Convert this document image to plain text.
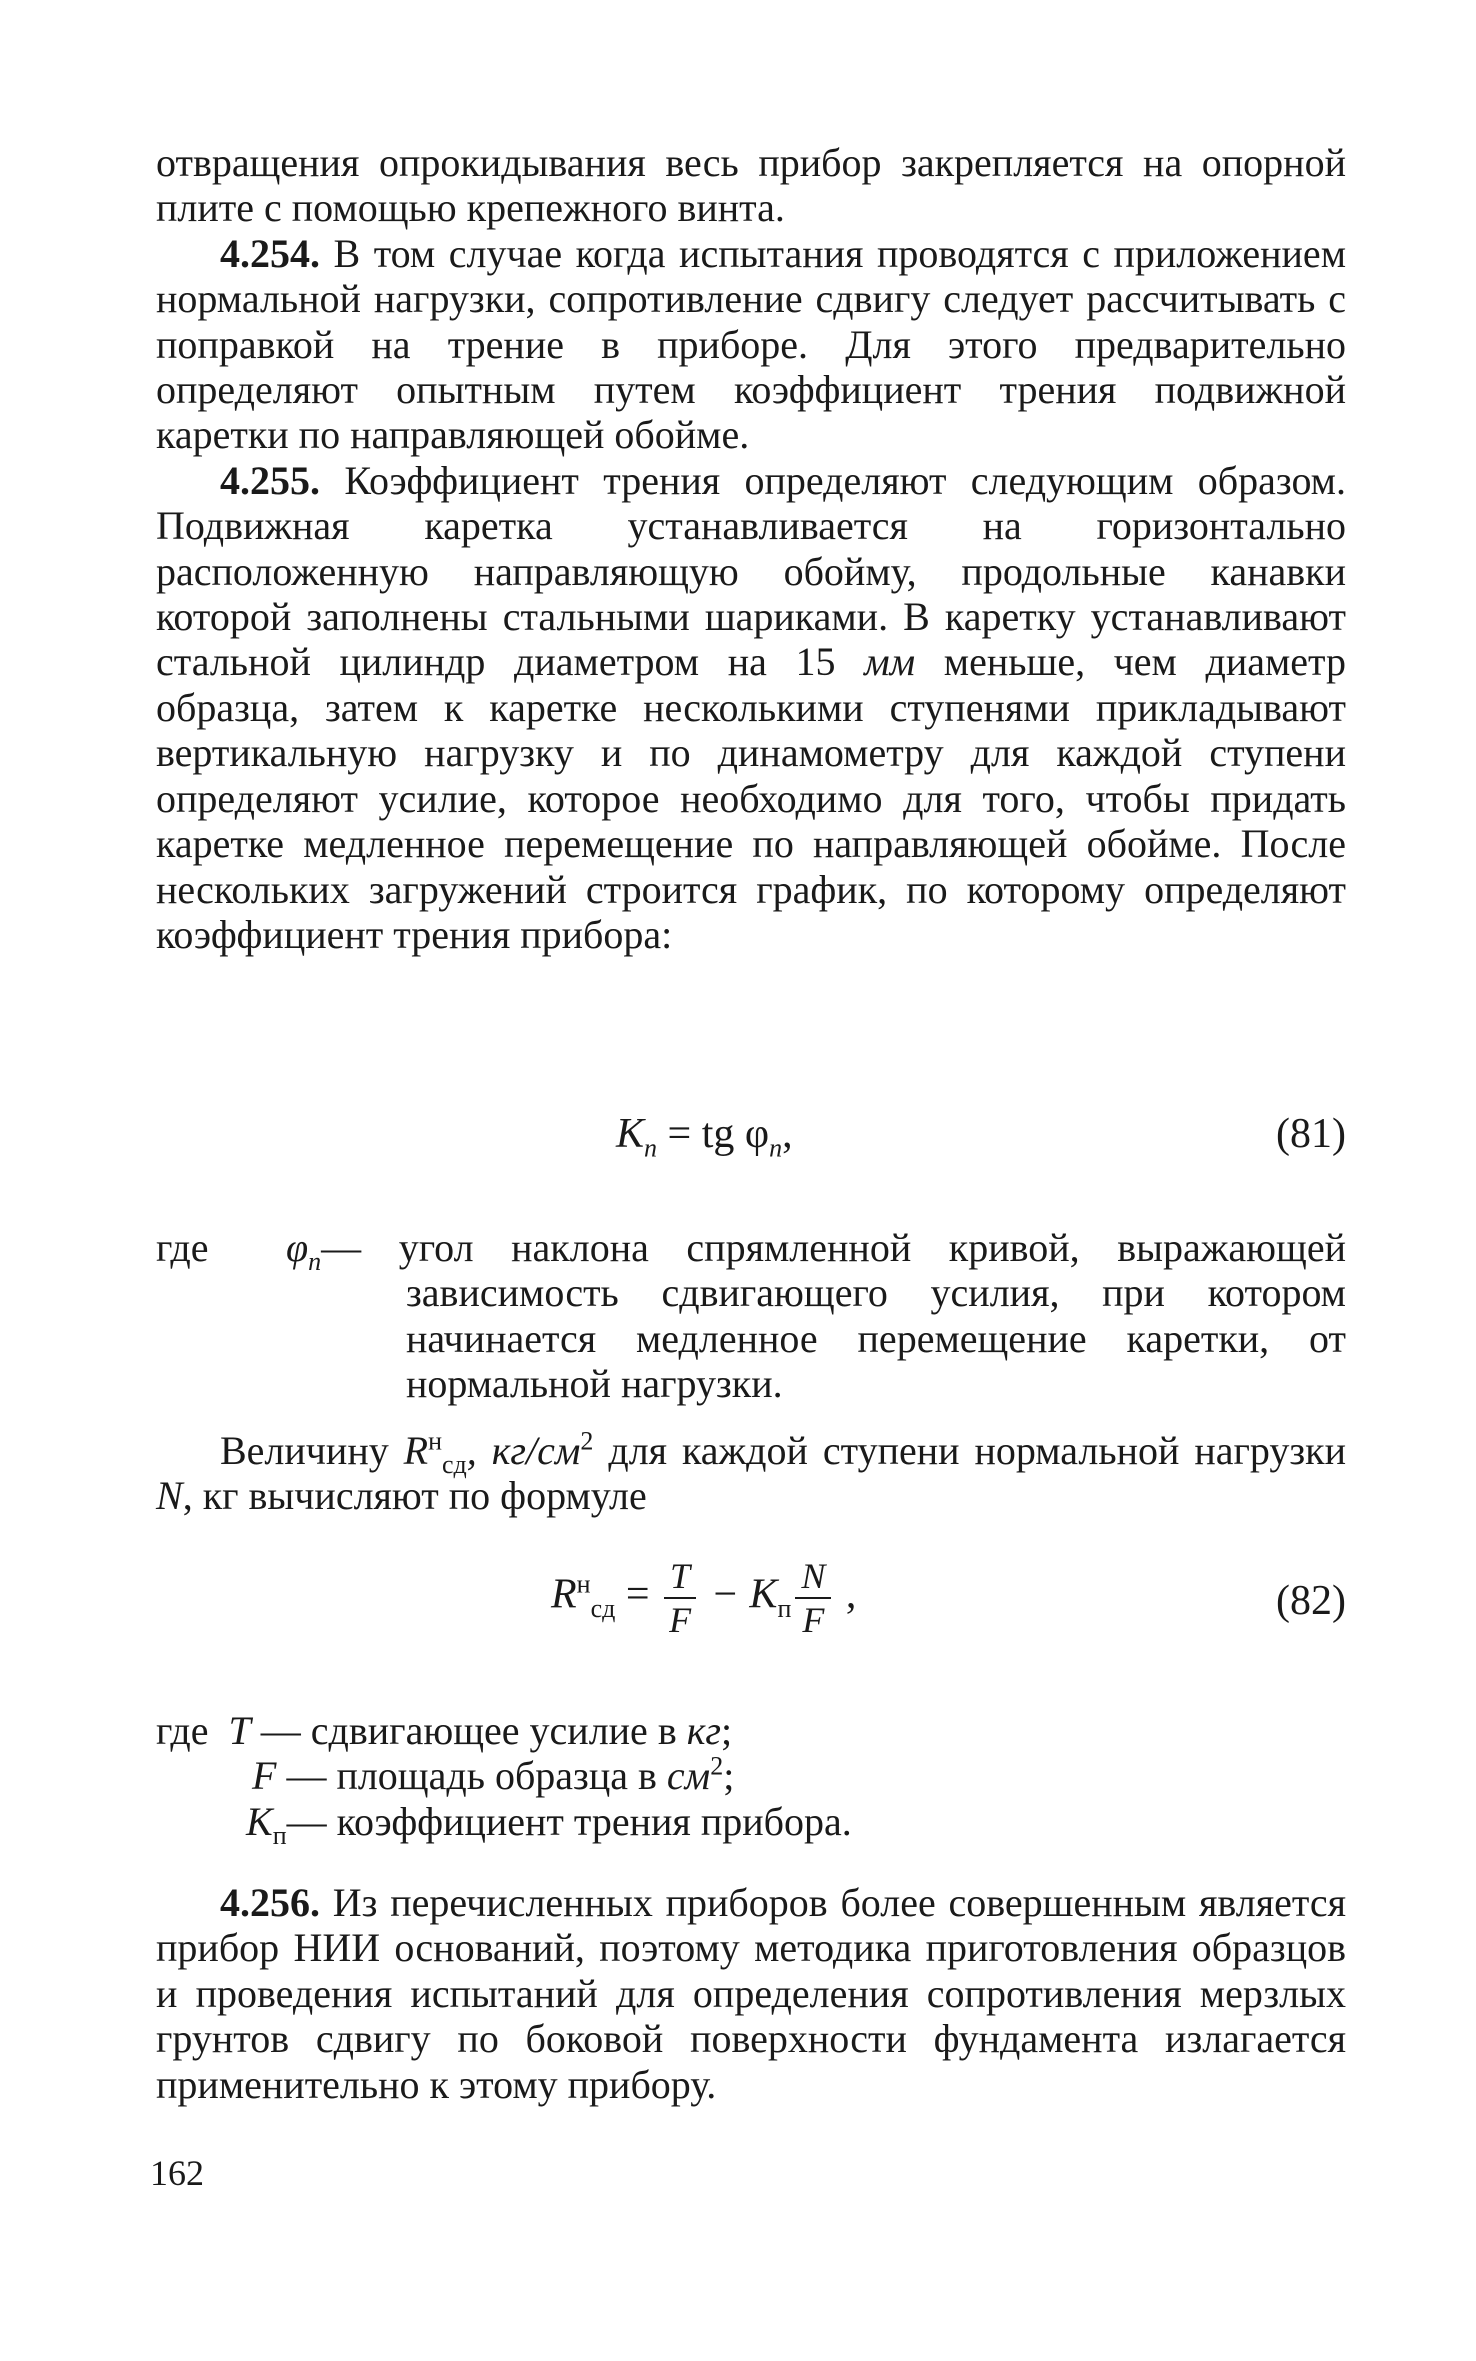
отвращения опрокидывания весь прибор закрепляется на опорной плите с помощью крепежного винта.

4.254. В том случае когда испытания проводятся с приложением нормальной нагрузки, сопротивление сдвигу следует рассчитывать с поправкой на трение в приборе. Для этого предварительно определяют опытным путем коэффициент трения подвижной каретки по направляющей обойме.

4.255. Коэффициент трения определяют следующим образом. Подвижная каретка устанавливается на горизонтально расположенную направляющую обойму, продольные канавки которой заполнены стальными шариками. В каретку устанавливают стальной цилиндр диаметром на 15 мм меньше, чем диаметр образца, затем к каретке несколькими ступенями прикладывают вертикальную нагрузку и по динамометру для каждой ступени определяют усилие, которое необходимо для того, чтобы придать каретке медленное перемещение по направляющей обойме. После нескольких загружений строится график, по которому определяют коэффициент трения прибора:

$K_п$ = tg $\varphi_п$,	(81)
где $\varphi_п—$ угол наклона спрямленной кривой, выражающей зависимость сдвигающего усилия, при котором начинается медленное перемещение каретки, от нормальной нагрузки.

Величину $R^н_{сд}$, $кг/см^2$ для каждой ступени нормальной нагрузки N, кг вычисляют по формуле

$R^н_{сд} = \frac{T}{F} - K_п \frac{N}{F}$ ,	(82)
где T — сдвигающее усилие в кг;
F — площадь образца в $см^2$;
$K_п—$ коэффициент трения прибора.

4.256. Из перечисленных приборов более совершенным является прибор НИИ оснований, поэтому методика приготовления образцов и проведения испытаний для определения сопротивления мерзлых грунтов сдвигу по боковой поверхности фундамента излагается применительно к этому прибору.

162
